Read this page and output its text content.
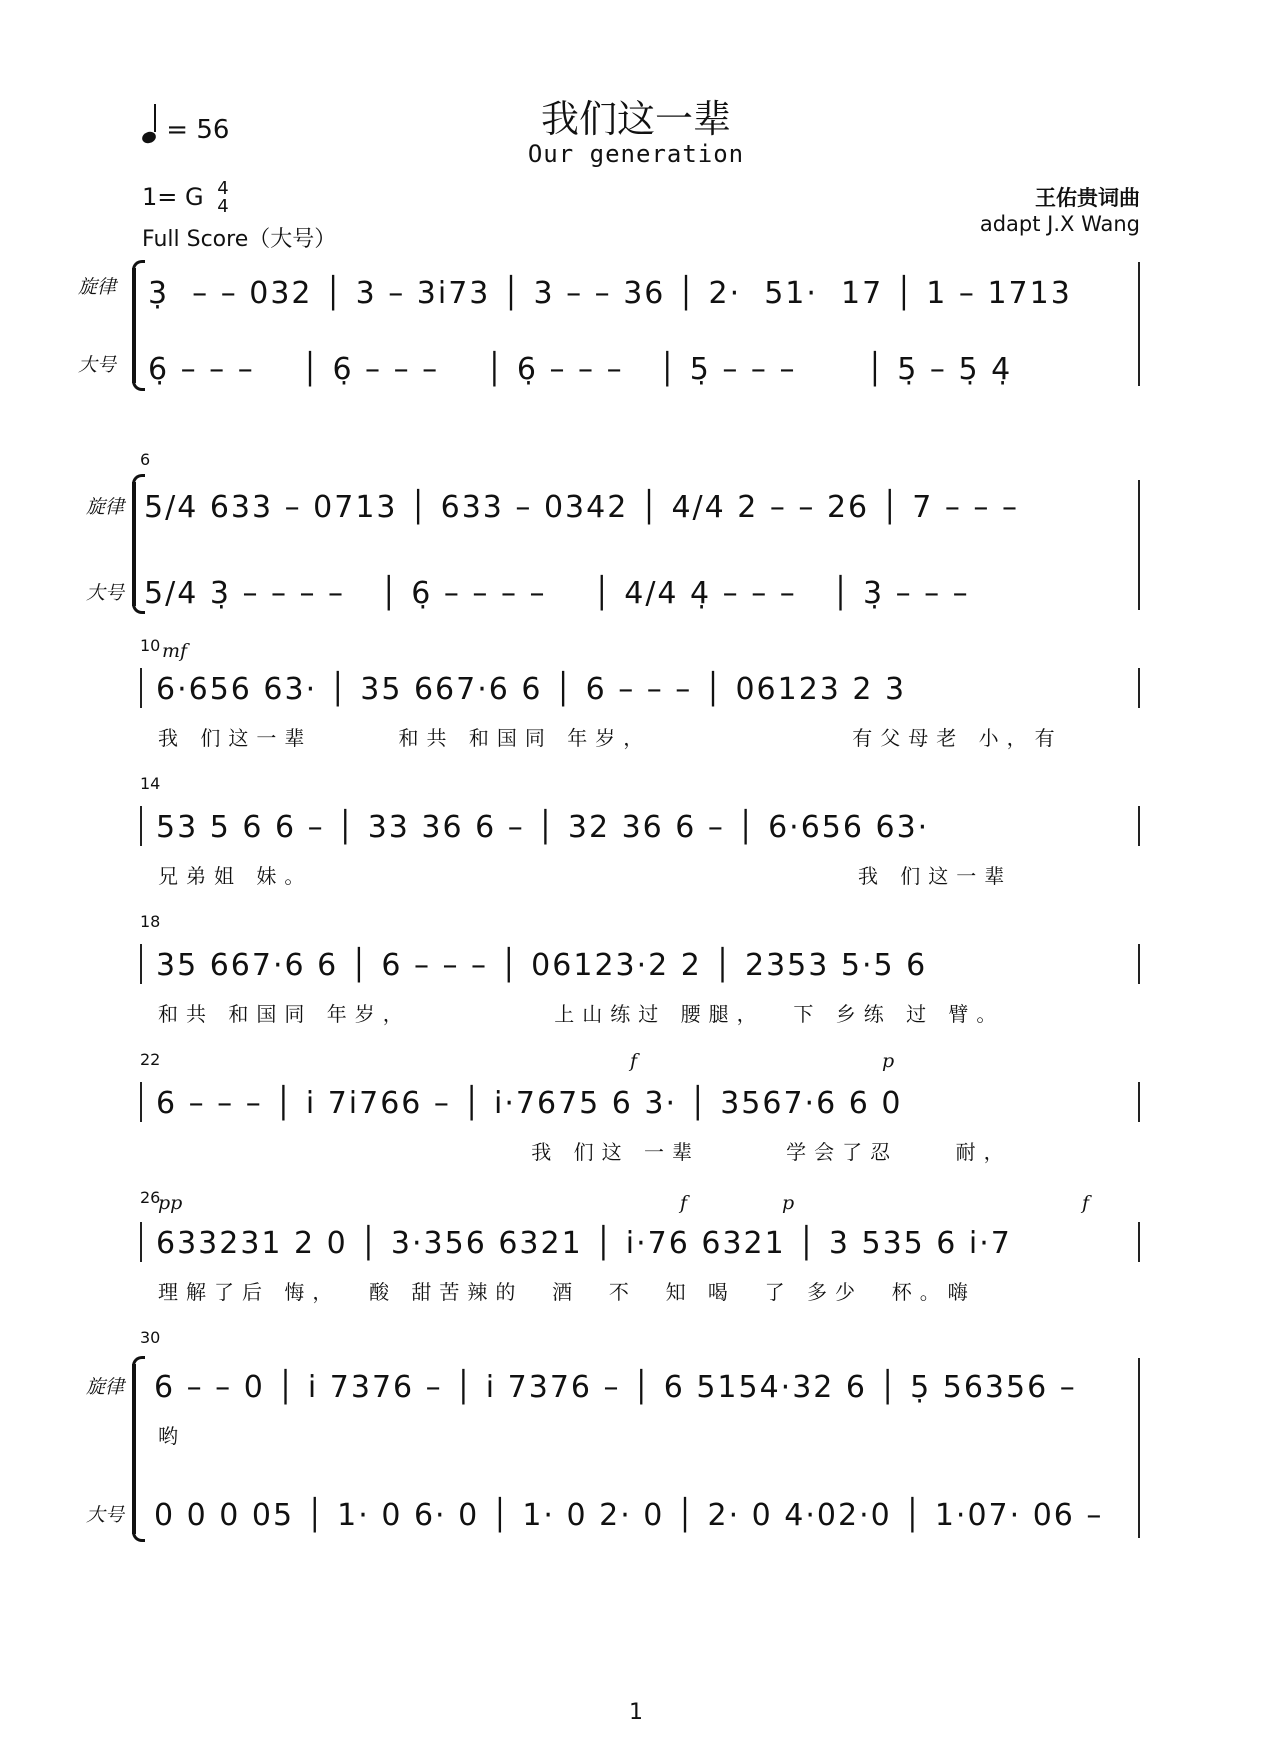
我们这一辈
Our generation
= 56
1= G 4
4
Full Score（大号）
王佑贵词曲
adapt J.X Wang
旋律
大号
3̣  – – 032 │ 3 – 3i̇73 │ 3 – – 36 │ 2·  51·  17 │ 1 – 1713
6̣ – – –    │ 6̣ – – –    │ 6̣ – – –   │ 5̣ – – –      │ 5̣ – 5̣ 4̣
6
旋律
大号
5/4 633 – 0713 │ 633 – 0342 │ 4/4 2 – – 26 │ 7 – – –
5/4 3̣ – – – –   │ 6̣ – – – –    │ 4/4 4̣ – – –   │ 3̣ – – –
10 mf
6·656 63· │ 35 667·6 6 │ 6 – – – │ 06123 2 3
我 们这一辈      和共 和国同 年岁，              有父母老 小，有
14
53 5 6 6 – │ 33 36 6 – │ 32 36 6 – │ 6·656 63·
兄弟姐 妹。                                      我 们这一辈
18
35 667·6 6 │ 6 – – – │ 06123·2 2 │ 2353 5·5 6
和共 和国同 年岁，          上山练过 腰腿，  下 乡练 过 臂。
22	f	p
6 – – – │ i̇ 7i̇766 – │ i̇·7675 6 3· │ 3567·6 6 0
我 们这 一辈      学会了忍    耐，
26
pp	f	p	f
633231 2 0 │ 3·356 6321 │ i̇·76 6321 │ 3 535 6 i̇·7
理解了后 悔，  酸 甜苦辣的  酒  不  知 喝  了 多少  杯。嗨
30
旋律
大号
6 – – 0 │ i̇ 7376 – │ i̇ 7376 – │ 6 5154·32 6 │ 5̣ 56356 –
哟
0 0 0 05 │ 1· 0 6· 0 │ 1· 0 2· 0 │ 2· 0 4·02·0 │ 1·07· 06 –
1
